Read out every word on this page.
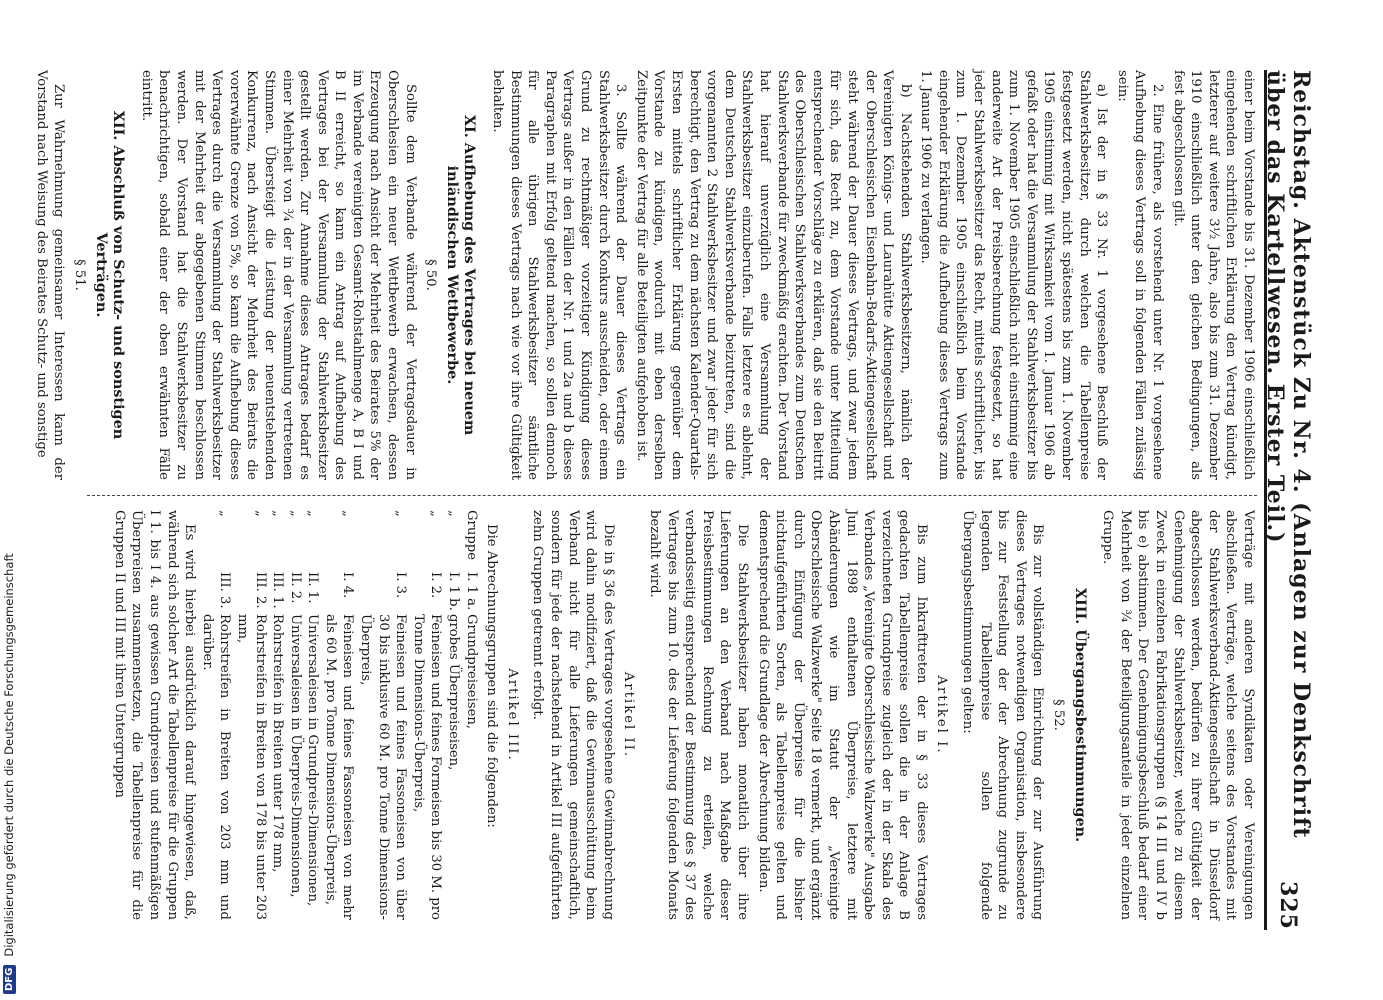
Reichstag. Aktenstück Zu Nr. 4. (Anlagen zur Denkschrift über das Kartellwesen. Erster Teil.)
325

einer beim Vorstande bis 31. Dezember 1906 einschließlich eingehenden schriftlichen Erklärung den Vertrag kündigt, letzterer auf weitere 3½ Jahre, also bis zum 31. Dezember 1910 einschließlich unter den gleichen Bedingungen, als fest abgeschlossen gilt.

2. Eine frühere, als vorstehend unter Nr. 1 vorgesehene Aufhebung dieses Vertrags soll in folgenden Fällen zulässig sein:

a) Ist der in § 33 Nr. 1 vorgesehene Beschluß der Stahlwerksbesitzer, durch welchen die Tabellenpreise festgesetzt werden, nicht spätestens bis zum 1. November 1905 einstimmig mit Wirksamkeit vom 1. Januar 1906 ab gefaßt oder hat die Versammlung der Stahlwerksbesitzer bis zum 1. November 1905 einschließlich nicht einstimmig eine anderweite Art der Preisberechnung festgesetzt, so hat jeder Stahlwerksbesitzer das Recht, mittels schriftlicher, bis zum 1. Dezember 1905 einschließlich beim Vorstande eingehender Erklärung die Aufhebung dieses Vertrags zum 1. Januar 1906 zu verlangen.

b) Nachstehenden Stahlwerksbesitzern, nämlich der Vereinigten Königs- und Laurahütte Aktiengesellschaft und der Oberschlesischen Eisenbahn-Bedarfs-Aktiengesellschaft steht während der Dauer dieses Vertrags, und zwar jedem für sich, das Recht zu, dem Vorstande unter Mitteilung entsprechender Vorschläge zu erklären, daß sie den Beitritt des Oberschlesischen Stahlwerksverbandes zum Deutschen Stahlwerksverbande für zweckmäßig erachten. Der Vorstand hat hierauf unverzüglich eine Versammlung der Stahlwerksbesitzer einzuberufen. Falls letztere es ablehnt, dem Deutschen Stahlwerksverbande beizutreten, sind die vorgenannten 2 Stahlwerksbesitzer und zwar jeder für sich berechtigt, den Vertrag zu dem nächsten Kalender-Quartals-Ersten mittels schriftlicher Erklärung gegenüber dem Vorstande zu kündigen, wodurch mit eben derselben Zeitpunkte der Vertrag für alle Beteiligten aufgehoben ist.

3. Sollte während der Dauer dieses Vertrags ein Stahlwerksbesitzer durch Konkurs ausscheiden, oder einem Grund zu rechtmäßiger vorzeitiger Kündigung dieses Vertrags außer in den Fällen der Nr. 1 und 2a und b dieses Paragraphen mit Erfolg geltend machen, so sollen dennoch für alle übrigen Stahlwerksbesitzer sämtliche Bestimmungen dieses Vertrags nach wie vor ihre Gültigkeit behalten.

XI. Aufhebung des Vertrages bei neuem inländischen Wettbewerbe.
§ 50.

Sollte dem Verbande während der Vertragsdauer in Oberschlesien ein neuer Wettbewerb erwachsen, dessen Erzeugung nach Ansicht der Mehrheit des Beirates 5% der im Verbande vereinigten Gesamt-Rohstahlmenge A, B I und B II erreicht, so kann ein Antrag auf Aufhebung des Vertrages bei der Versammlung der Stahlwerksbesitzer gestellt werden. Zur Annahme dieses Antrages bedarf es einer Mehrheit von ¾ der in der Versammlung vertretenen Stimmen. Übersteigt die Leistung der neuentstehenden Konkurrenz, nach Ansicht der Mehrheit des Beirats die vorerwähnte Grenze von 5%, so kann die Aufhebung dieses Vertrages durch die Versammlung der Stahlwerksbesitzer mit der Mehrheit der abgegebenen Stimmen beschlossen werden. Der Vorstand hat die Stahlwerksbesitzer zu benachrichtigen, sobald einer der oben erwähnten Fälle eintritt.

XII. Abschluß von Schutz- und sonstigen Verträgen.
§ 51.

Zur Wahrnehmung gemeinsamer Interessen kann der Vorstand nach Weisung des Beirates Schutz- und sonstige

Verträge mit anderen Syndikaten oder Vereinigungen abschließen. Verträge, welche seitens des Vorstandes mit der Stahlwerksverband-Aktiengesellschaft in Düsseldorf abgeschlossen werden, bedürfen zu ihrer Gültigkeit der Genehmigung der Stahlwerksbesitzer, welche zu diesem Zweck in einzelnen Fabrikationsgruppen (§ 14 III und IV b bis e) abstimmen. Der Genehmigungsbeschluß bedarf einer Mehrheit von ¾ der Beteiligungsanteile in jeder einzelnen Gruppe.

XIII. Übergangsbestimmungen.
§ 52.

Bis zur vollständigen Einrichtung der zur Ausführung dieses Vertrages notwendigen Organisation, insbesondere bis zur Feststellung der der Abrechnung zugrunde zu legenden Tabellenpreise sollen folgende Übergangsbestimmungen gelten:

Artikel I.

Bis zum Inkrafttreten der in § 33 dieses Vertrages gedachten Tabellenpreise sollen die in der Anlage B verzeichneten Grundpreise zugleich der in der Skala des Verbandes „Vereinigte Oberschlesische Walzwerke" Ausgabe Juni 1898 enthaltenen Überpreise, letztere mit Abänderungen wie im Statut der „Vereinigte Oberschlesische Walzwerke" Seite 18 vermerkt, und ergänzt durch Einfügung der Überpreise für die bisher nichtaufgeführten Sorten, als Tabellenpreise gelten und dementsprechend die Grundlage der Abrechnung bilden.

Die Stahlwerksbesitzer haben monatlich über ihre Lieferungen an den Verband nach Maßgabe dieser Preisbestimmungen Rechnung zu erteilen, welche verbandsseitig entsprechend der Bestimmung des § 37 des Vertrages bis zum 10. des der Lieferung folgenden Monats bezahlt wird.

Artikel II.

Die in § 36 des Vertrages vorgesehene Gewinnabrechnung wird dahin modifiziert, daß die Gewinnausschüttung beim Verband nicht für alle Lieferungen gemeinschaftlich, sondern für jede der nachstehend in Artikel III aufgeführten zehn Gruppen getrennt erfolgt.

Artikel III.

Die Abrechnungsgruppen sind die folgenden:

Gruppe
I. 1 a.
Grundpreiseisen,
„
I. 1 b.
grobes Überpreiseisen,
„
I. 2.
Feineisen und feines Formeisen bis 30 M. pro Tonne Dimensions-Überpreis,
„
I. 3.
Feineisen und feines Fassoneisen von über 30 bis inklusive 60 M. pro Tonne Dimensions-Überpreis,
„
I. 4.
Feineisen und feines Fassoneisen von mehr als 60 M. pro Tonne Dimensions-Überpreis,
„
II. 1.
Universaleisen in Grundpreis-Dimensionen,
„
II. 2.
Universaleisen in Überpreis-Dimensionen,
„
III. 1.
Rohrstreifen in Breiten unter 178 mm,
„
III. 2.
Rohrstreifen in Breiten von 178 bis unter 203 mm,
„
III. 3.
Rohrstreifen in Breiten von 203 mm und darüber.

Es wird hierbei ausdrücklich darauf hingewiesen, daß, während sich solcher Art die Tabellenpreise für die Gruppen I 1. bis I 4. aus gewissen Grundpreisen und stufenmäßigen Überpreisen zusammensetzen, die Tabellenpreise für die Gruppen II und III mit ihren Untergruppen

DFG
Digitalisierung gefördert durch die Deutsche Forschungsgemeinschaft
